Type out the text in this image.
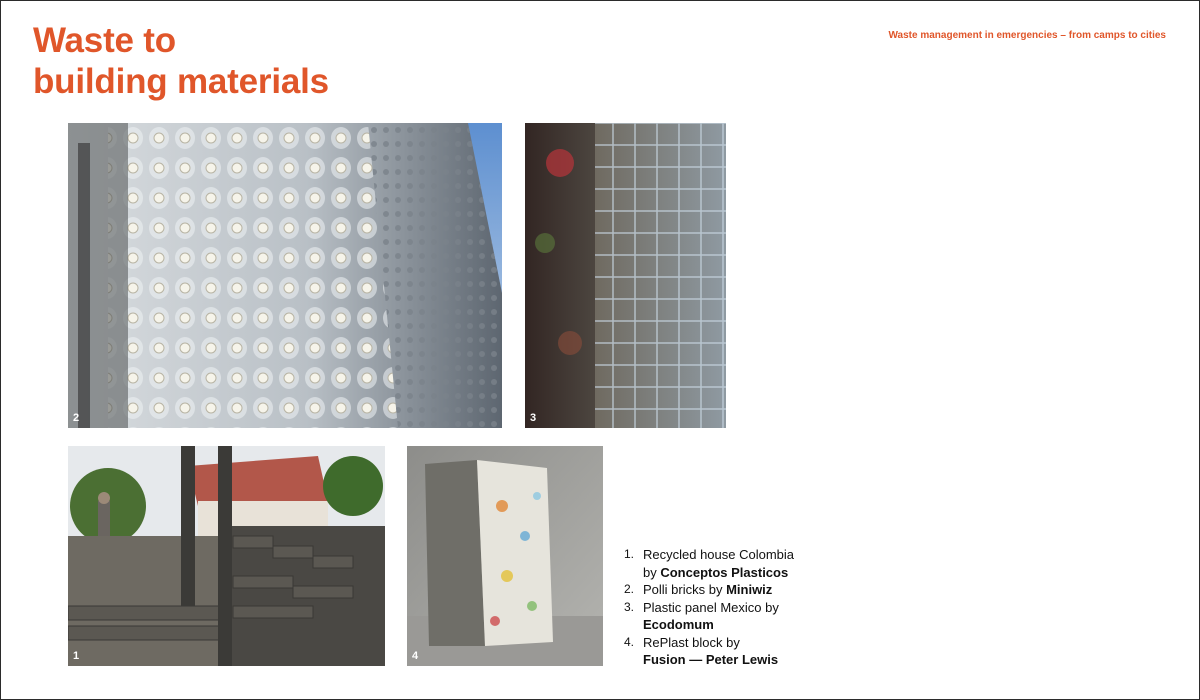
Waste to
building materials
Waste management in emergencies – from camps to cities
2	3
1	4
1. Recycled house Colombia
by Conceptos Plasticos
2. Polli bricks by Miniwiz
3. Plastic panel Mexico by
Ecodomum
4. RePlast block by
Fusion — Peter Lewis
